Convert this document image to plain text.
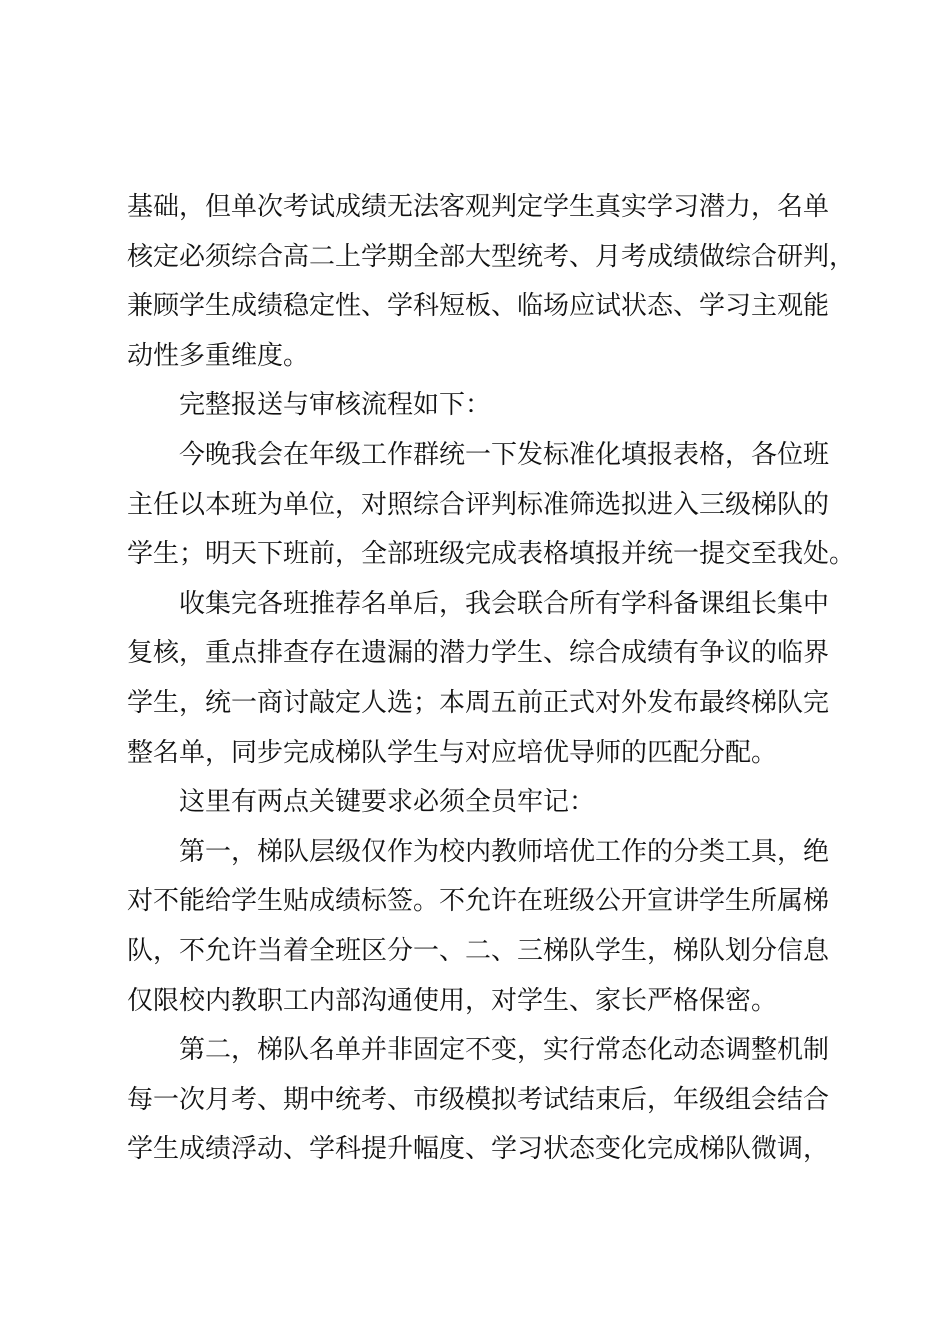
基础，但单次考试成绩无法客观判定学生真实学习潜力，名单
核定必须综合高二上学期全部大型统考、月考成绩做综合研判，
兼顾学生成绩稳定性、学科短板、临场应试状态、学习主观能
动性多重维度。
完整报送与审核流程如下：
今晚我会在年级工作群统一下发标准化填报表格，各位班
主任以本班为单位，对照综合评判标准筛选拟进入三级梯队的
学生；明天下班前，全部班级完成表格填报并统一提交至我处。
收集完各班推荐名单后，我会联合所有学科备课组长集中
复核，重点排查存在遗漏的潜力学生、综合成绩有争议的临界
学生，统一商讨敲定人选；本周五前正式对外发布最终梯队完
整名单，同步完成梯队学生与对应培优导师的匹配分配。
这里有两点关键要求必须全员牢记：
第一，梯队层级仅作为校内教师培优工作的分类工具，绝
对不能给学生贴成绩标签。不允许在班级公开宣讲学生所属梯
队，不允许当着全班区分一、二、三梯队学生，梯队划分信息
仅限校内教职工内部沟通使用，对学生、家长严格保密。
第二，梯队名单并非固定不变，实行常态化动态调整机制
每一次月考、期中统考、市级模拟考试结束后，年级组会结合
学生成绩浮动、学科提升幅度、学习状态变化完成梯队微调，
